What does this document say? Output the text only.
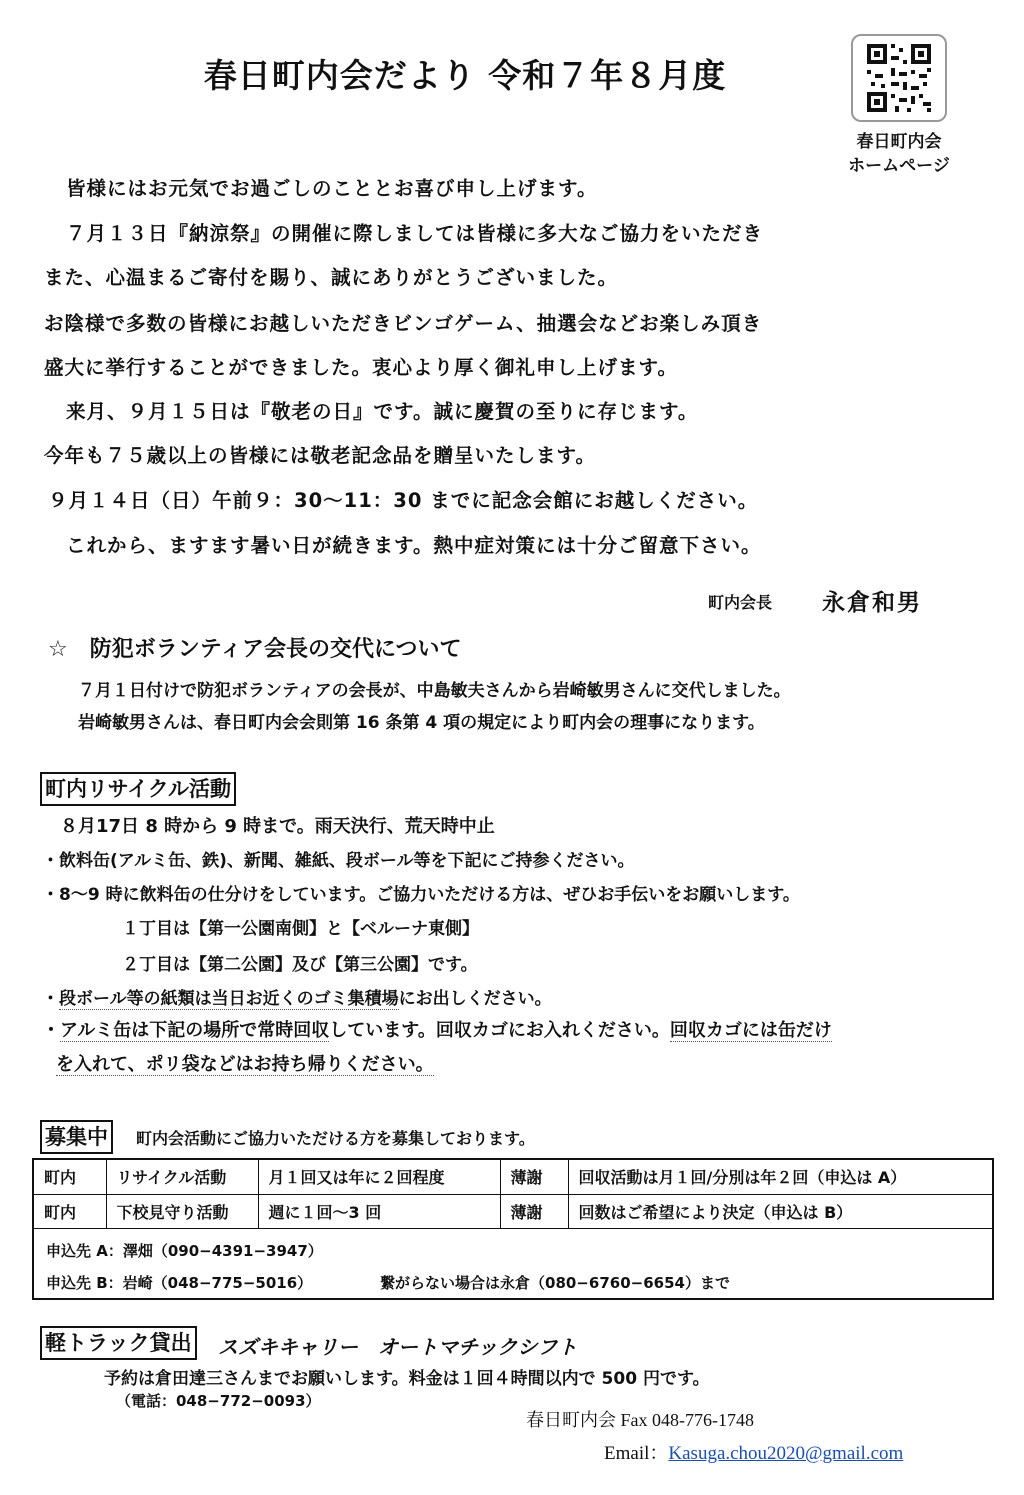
春日町内会だより 令和７年８月度
春日町内会
ホームページ
皆様にはお元気でお過ごしのこととお喜び申し上げます。
７月１３日『納涼祭』の開催に際しましては皆様に多大なご協力をいただき
また、心温まるご寄付を賜り、誠にありがとうございました。
お陰様で多数の皆様にお越しいただきビンゴゲーム、抽選会などお楽しみ頂き
盛大に挙行することができました。衷心より厚く御礼申し上げます。
来月、９月１５日は『敬老の日』です。誠に慶賀の至りに存じます。
今年も７５歳以上の皆様には敬老記念品を贈呈いたします。
９月１４日（日）午前９：30～11：30 までに記念会館にお越しください。
これから、ますます暑い日が続きます。熱中症対策には十分ご留意下さい。
町内会長 永倉和男
☆　防犯ボランティア会長の交代について
７月１日付けで防犯ボランティアの会長が、中島敏夫さんから岩崎敏男さんに交代しました。
岩崎敏男さんは、春日町内会会則第 16 条第 4 項の規定により町内会の理事になります。
町内リサイクル活動
８月17日 8 時から 9 時まで。雨天決行、荒天時中止
・飲料缶(アルミ缶、鉄)、新聞、雑紙、段ボール等を下記にご持参ください。
・8～9 時に飲料缶の仕分けをしています。ご協力いただける方は、ぜひお手伝いをお願いします。
１丁目は【第一公園南側】と【ベルーナ東側】
２丁目は【第二公園】及び【第三公園】です。
・段ボール等の紙類は当日お近くのゴミ集積場にお出しください。
・アルミ缶は下記の場所で常時回収しています。回収カゴにお入れください。回収カゴには缶だけ
を入れて、ポリ袋などはお持ち帰りください。
募集中	町内会活動にご協力いただける方を募集しております。
町内	リサイクル活動	月１回又は年に２回程度	薄謝	回収活動は月１回/分別は年２回（申込は A）
町内	下校見守り活動	週に１回～3 回	薄謝	回数はご希望により決定（申込は B）
申込先 A：澤畑（090−4391−3947）
申込先 B：岩崎（048−775−5016）	繋がらない場合は永倉（080−6760−6654）まで
軽トラック貸出 スズキキャリー　オートマチックシフト
予約は倉田達三さんまでお願いします。料金は１回４時間以内で 500 円です。
（電話：048−772−0093）
春日町内会 Fax 048-776-1748
Email：Kasuga.chou2020@gmail.com
